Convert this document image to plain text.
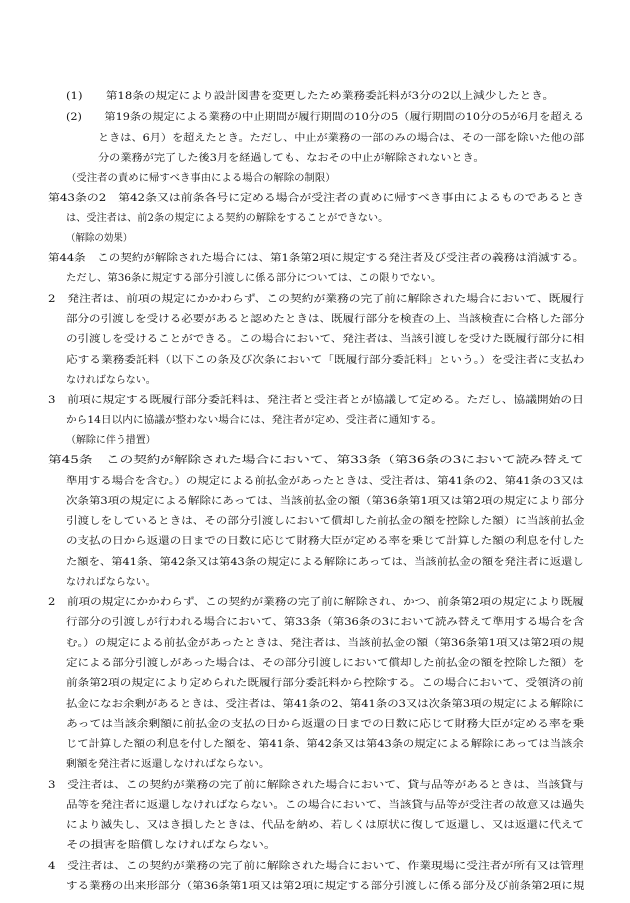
(1)　　第18条の規定により設計図書を変更したため業務委託料が3分の2以上減少したとき。
(2)　　第19条の規定による業務の中止期間が履行期間の10分の5（履行期間の10分の5が6月を超える
ときは、6月）を超えたとき。ただし、中止が業務の一部のみの場合は、その一部を除いた他の部
分の業務が完了した後3月を経過しても、なおその中止が解除されないとき。
（受注者の責めに帰すべき事由による場合の解除の制限）
第43条の2　第42条又は前条各号に定める場合が受注者の責めに帰すべき事由によるものであるとき
は、受注者は、前2条の規定による契約の解除をすることができない。
（解除の効果）
第44条　この契約が解除された場合には、第1条第2項に規定する発注者及び受注者の義務は消滅する。
ただし、第36条に規定する部分引渡しに係る部分については、この限りでない。
2　発注者は、前項の規定にかかわらず、この契約が業務の完了前に解除された場合において、既履行
部分の引渡しを受ける必要があると認めたときは、既履行部分を検査の上、当該検査に合格した部分
の引渡しを受けることができる。この場合において、発注者は、当該引渡しを受けた既履行部分に相
応する業務委託料（以下この条及び次条において「既履行部分委託料」という。）を受注者に支払わ
なければならない。
3　前項に規定する既履行部分委託料は、発注者と受注者とが協議して定める。ただし、協議開始の日
から14日以内に協議が整わない場合には、発注者が定め、受注者に通知する。
（解除に伴う措置）
第45条　この契約が解除された場合において、第33条（第36条の3において読み替えて
準用する場合を含む。）の規定による前払金があったときは、受注者は、第41条の2、第41条の3又は
次条第3項の規定による解除にあっては、当該前払金の額（第36条第1項又は第2項の規定により部分
引渡しをしているときは、その部分引渡しにおいて償却した前払金の額を控除した額）に当該前払金
の支払の日から返還の日までの日数に応じて財務大臣が定める率を乗じて計算した額の利息を付した
た額を、第41条、第42条又は第43条の規定による解除にあっては、当該前払金の額を発注者に返還し
なければならない。
2　前項の規定にかかわらず、この契約が業務の完了前に解除され、かつ、前条第2項の規定により既履
行部分の引渡しが行われる場合において、第33条（第36条の3において読み替えて準用する場合を含
む。）の規定による前払金があったときは、発注者は、当該前払金の額（第36条第1項又は第2項の規
定による部分引渡しがあった場合は、その部分引渡しにおいて償却した前払金の額を控除した額）を
前条第2項の規定により定められた既履行部分委託料から控除する。この場合において、受領済の前
払金になお余剰があるときは、受注者は、第41条の2、第41条の3又は次条第3項の規定による解除に
あっては当該余剰額に前払金の支払の日から返還の日までの日数に応じて財務大臣が定める率を乗
じて計算した額の利息を付した額を、第41条、第42条又は第43条の規定による解除にあっては当該余
剰額を発注者に返還しなければならない。
3　受注者は、この契約が業務の完了前に解除された場合において、貸与品等があるときは、当該貸与
品等を発注者に返還しなければならない。この場合において、当該貸与品等が受注者の故意又は過失
により滅失し、又はき損したときは、代品を納め、若しくは原状に復して返還し、又は返還に代えて
その損害を賠償しなければならない。
4　受注者は、この契約が業務の完了前に解除された場合において、作業現場に受注者が所有又は管理
する業務の出来形部分（第36条第1項又は第2項に規定する部分引渡しに係る部分及び前条第2項に規
